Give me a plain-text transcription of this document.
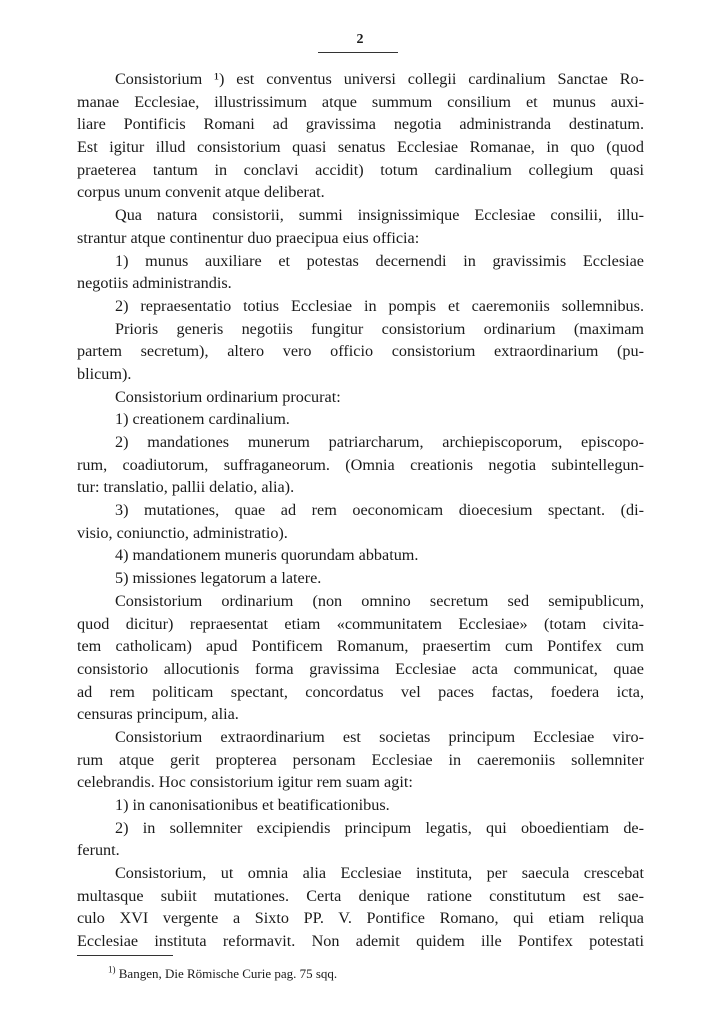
2
Consistorium ¹) est conventus universi collegii cardinalium Sanctae Ro-
manae Ecclesiae, illustrissimum atque summum consilium et munus auxi-
liare Pontificis Romani ad gravissima negotia administranda destinatum.
Est igitur illud consistorium quasi senatus Ecclesiae Romanae, in quo (quod
praeterea tantum in conclavi accidit) totum cardinalium collegium quasi
corpus unum convenit atque deliberat.
Qua natura consistorii, summi insignissimique Ecclesiae consilii, illu-
strantur atque continentur duo praecipua eius officia:
1) munus auxiliare et potestas decernendi in gravissimis Ecclesiae
negotiis administrandis.
2) repraesentatio totius Ecclesiae in pompis et caeremoniis sollemnibus.
Prioris generis negotiis fungitur consistorium ordinarium (maximam
partem secretum), altero vero officio consistorium extraordinarium (pu-
blicum).
Consistorium ordinarium procurat:
1) creationem cardinalium.
2) mandationes munerum patriarcharum, archiepiscoporum, episcopo-
rum, coadiutorum, suffraganeorum. (Omnia creationis negotia subintellegun-
tur: translatio, pallii delatio, alia).
3) mutationes, quae ad rem oeconomicam dioecesium spectant. (di-
visio, coniunctio, administratio).
4) mandationem muneris quorundam abbatum.
5) missiones legatorum a latere.
Consistorium ordinarium (non omnino secretum sed semipublicum,
quod dicitur) repraesentat etiam «communitatem Ecclesiae» (totam civita-
tem catholicam) apud Pontificem Romanum, praesertim cum Pontifex cum
consistorio allocutionis forma gravissima Ecclesiae acta communicat, quae
ad rem politicam spectant, concordatus vel paces factas, foedera icta,
censuras principum, alia.
Consistorium extraordinarium est societas principum Ecclesiae viro-
rum atque gerit propterea personam Ecclesiae in caeremoniis sollemniter
celebrandis. Hoc consistorium igitur rem suam agit:
1) in canonisationibus et beatificationibus.
2) in sollemniter excipiendis principum legatis, qui oboedientiam de-
ferunt.
Consistorium, ut omnia alia Ecclesiae instituta, per saecula crescebat
multasque subiit mutationes. Certa denique ratione constitutum est sae-
culo XVI vergente a Sixto PP. V. Pontifice Romano, qui etiam reliqua
Ecclesiae instituta reformavit. Non ademit quidem ille Pontifex potestati
$^{1)}$ Bangen, Die Römische Curie pag. 75 sqq.
